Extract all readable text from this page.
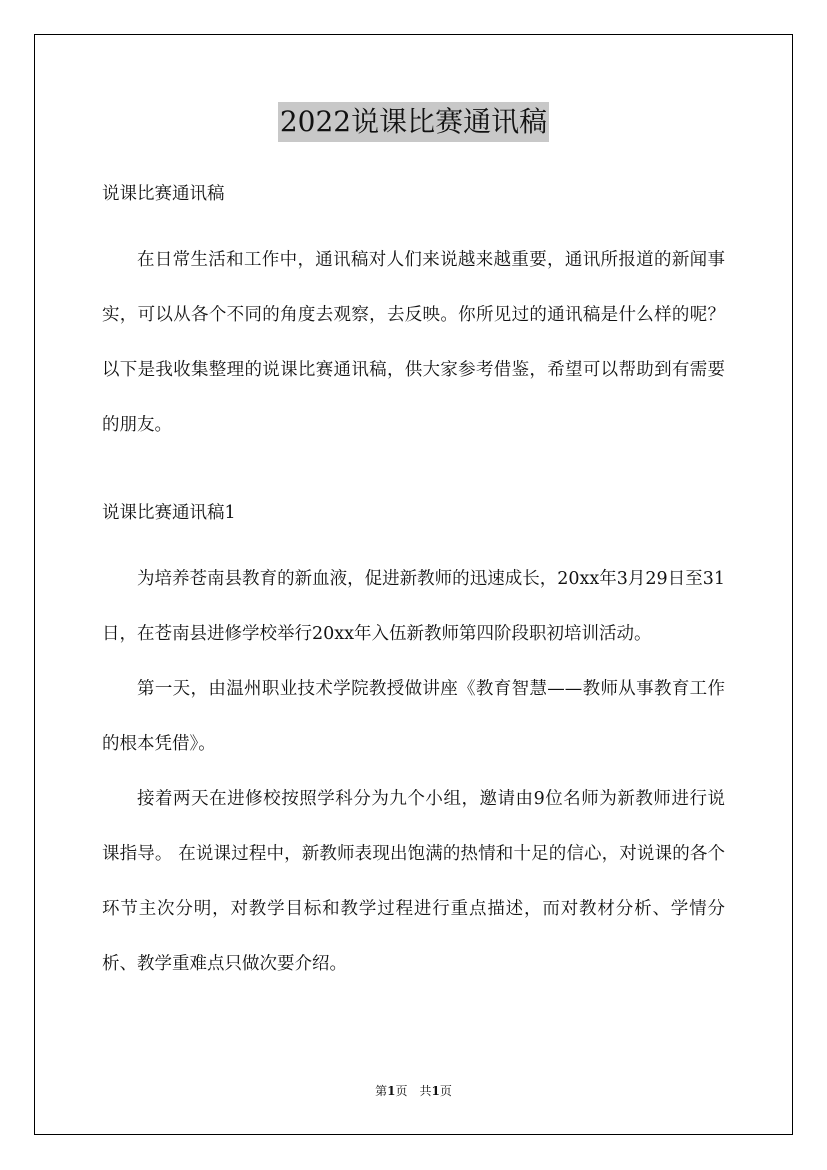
2022说课比赛通讯稿

说课比赛通讯稿

在日常生活和工作中，通讯稿对人们来说越来越重要，通讯所报道的新闻事实，可以从各个不同的角度去观察，去反映。你所见过的通讯稿是什么样的呢？以下是我收集整理的说课比赛通讯稿，供大家参考借鉴，希望可以帮助到有需要的朋友。

说课比赛通讯稿1

为培养苍南县教育的新血液，促进新教师的迅速成长，20xx年3月29日至31日，在苍南县进修学校举行20xx年入伍新教师第四阶段职初培训活动。

第一天，由温州职业技术学院教授做讲座《教育智慧——教师从事教育工作的根本凭借》。

接着两天在进修校按照学科分为九个小组，邀请由9位名师为新教师进行说课指导。 在说课过程中，新教师表现出饱满的热情和十足的信心，对说课的各个环节主次分明，对教学目标和教学过程进行重点描述，而对教材分析、学情分析、教学重难点只做次要介绍。

第1页　共1页
